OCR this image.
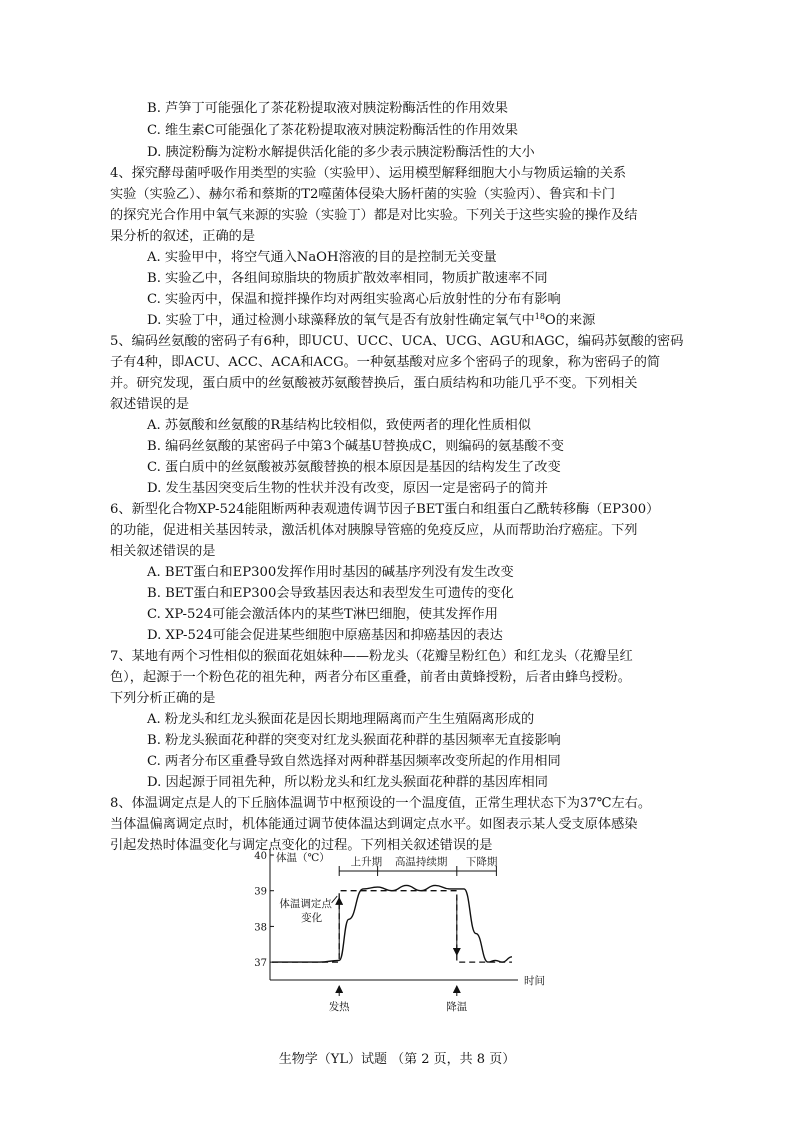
B. 芦笋丁可能强化了茶花粉提取液对胰淀粉酶活性的作用效果
C. 维生素C可能强化了茶花粉提取液对胰淀粉酶活性的作用效果
D. 胰淀粉酶为淀粉水解提供活化能的多少表示胰淀粉酶活性的大小
4、探究酵母菌呼吸作用类型的实验（实验甲）、运用模型解释细胞大小与物质运输的关系
实验（实验乙）、赫尔希和蔡斯的T2噬菌体侵染大肠杆菌的实验（实验丙）、鲁宾和卡门
的探究光合作用中氧气来源的实验（实验丁）都是对比实验。下列关于这些实验的操作及结
果分析的叙述，正确的是
A. 实验甲中，将空气通入NaOH溶液的目的是控制无关变量
B. 实验乙中，各组间琼脂块的物质扩散效率相同，物质扩散速率不同
C. 实验丙中，保温和搅拌操作均对两组实验离心后放射性的分布有影响
D. 实验丁中，通过检测小球藻释放的氧气是否有放射性确定氧气中$^{18}$O的来源
5、编码丝氨酸的密码子有6种，即UCU、UCC、UCA、UCG、AGU和AGC，编码苏氨酸的密码
子有4种，即ACU、ACC、ACA和ACG。一种氨基酸对应多个密码子的现象，称为密码子的简
并。研究发现，蛋白质中的丝氨酸被苏氨酸替换后，蛋白质结构和功能几乎不变。下列相关
叙述错误的是
A. 苏氨酸和丝氨酸的R基结构比较相似，致使两者的理化性质相似
B. 编码丝氨酸的某密码子中第3个碱基U替换成C，则编码的氨基酸不变
C. 蛋白质中的丝氨酸被苏氨酸替换的根本原因是基因的结构发生了改变
D. 发生基因突变后生物的性状并没有改变，原因一定是密码子的简并
6、新型化合物XP-524能阻断两种表观遗传调节因子BET蛋白和组蛋白乙酰转移酶（EP300）
的功能，促进相关基因转录，激活机体对胰腺导管癌的免疫反应，从而帮助治疗癌症。下列
相关叙述错误的是
A. BET蛋白和EP300发挥作用时基因的碱基序列没有发生改变
B. BET蛋白和EP300会导致基因表达和表型发生可遗传的变化
C. XP-524可能会激活体内的某些T淋巴细胞，使其发挥作用
D. XP-524可能会促进某些细胞中原癌基因和抑癌基因的表达
7、某地有两个习性相似的猴面花姐妹种——粉龙头（花瓣呈粉红色）和红龙头（花瓣呈红
色），起源于一个粉色花的祖先种，两者分布区重叠，前者由黄蜂授粉，后者由蜂鸟授粉。
下列分析正确的是
A. 粉龙头和红龙头猴面花是因长期地理隔离而产生生殖隔离形成的
B. 粉龙头猴面花种群的突变对红龙头猴面花种群的基因频率无直接影响
C. 两者分布区重叠导致自然选择对两种群基因频率改变所起的作用相同
D. 因起源于同祖先种，所以粉龙头和红龙头猴面花种群的基因库相同
8、体温调定点是人的下丘脑体温调节中枢预设的一个温度值，正常生理状态下为37℃左右。
当体温偏离调定点时，机体能通过调节使体温达到调定点水平。如图表示某人受支原体感染
引起发热时体温变化与调定点变化的过程。下列相关叙述错误的是
40
39
38
37
体温（℃）
时间
上升期 高温持续期 下降期
体温调定点
变化
发热	降温
生物学（YL）试题 （第 2 页，共 8 页）
